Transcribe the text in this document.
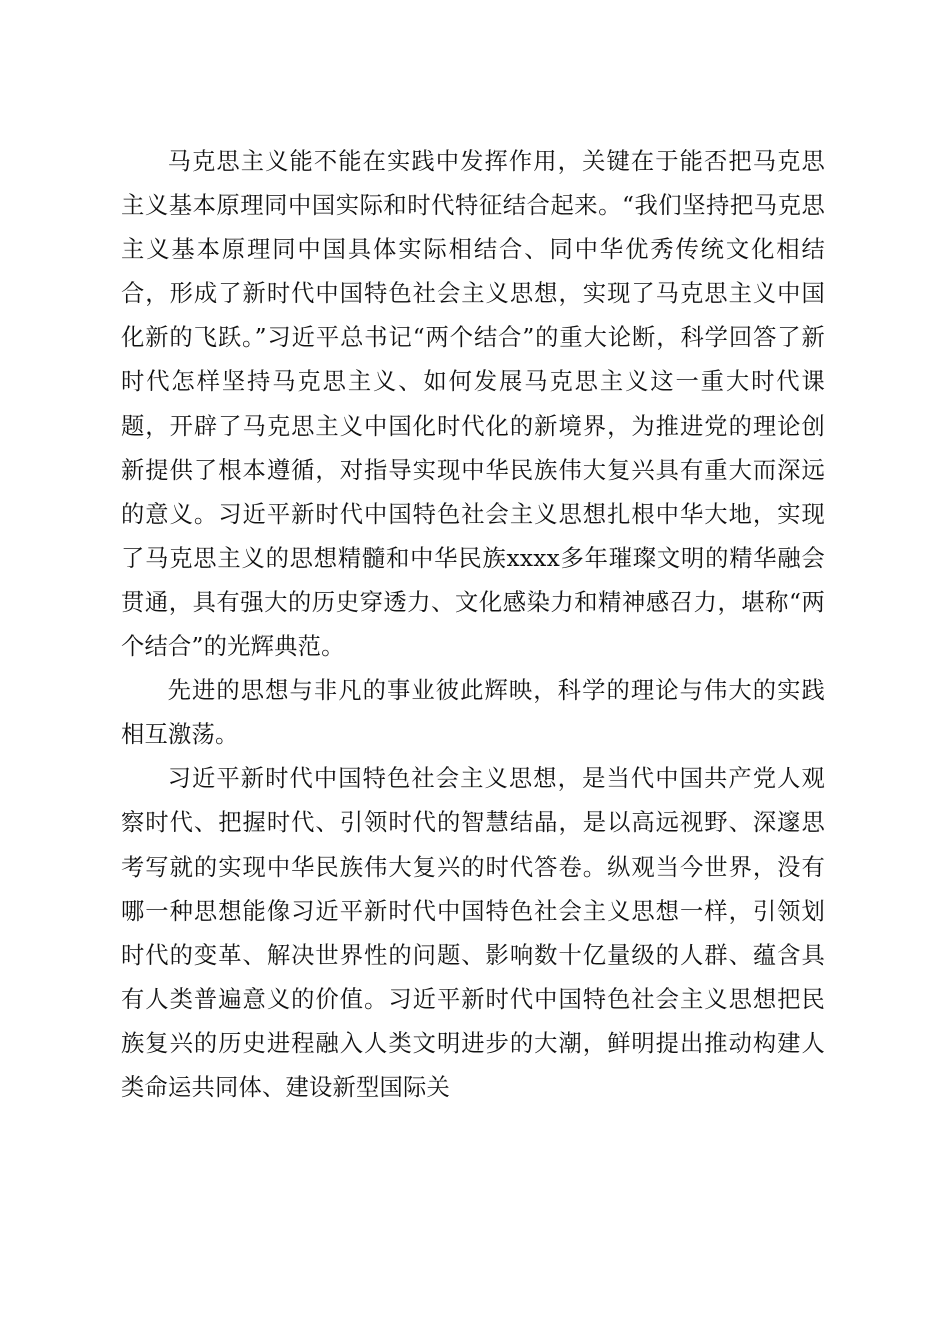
马克思主义能不能在实践中发挥作用，关键在于能否把马克思主义基本原理同中国实际和时代特征结合起来。“我们坚持把马克思主义基本原理同中国具体实际相结合、同中华优秀传统文化相结合，形成了新时代中国特色社会主义思想，实现了马克思主义中国化新的飞跃。”习近平总书记“两个结合”的重大论断，科学回答了新时代怎样坚持马克思主义、如何发展马克思主义这一重大时代课题，开辟了马克思主义中国化时代化的新境界，为推进党的理论创新提供了根本遵循，对指导实现中华民族伟大复兴具有重大而深远的意义。习近平新时代中国特色社会主义思想扎根中华大地，实现了马克思主义的思想精髓和中华民族xxxx多年璀璨文明的精华融会贯通，具有强大的历史穿透力、文化感染力和精神感召力，堪称“两个结合”的光辉典范。

先进的思想与非凡的事业彼此辉映，科学的理论与伟大的实践相互激荡。

习近平新时代中国特色社会主义思想，是当代中国共产党人观察时代、把握时代、引领时代的智慧结晶，是以高远视野、深邃思考写就的实现中华民族伟大复兴的时代答卷。纵观当今世界，没有哪一种思想能像习近平新时代中国特色社会主义思想一样，引领划时代的变革、解决世界性的问题、影响数十亿量级的人群、蕴含具有人类普遍意义的价值。习近平新时代中国特色社会主义思想把民族复兴的历史进程融入人类文明进步的大潮，鲜明提出推动构建人类命运共同体、建设新型国际关
